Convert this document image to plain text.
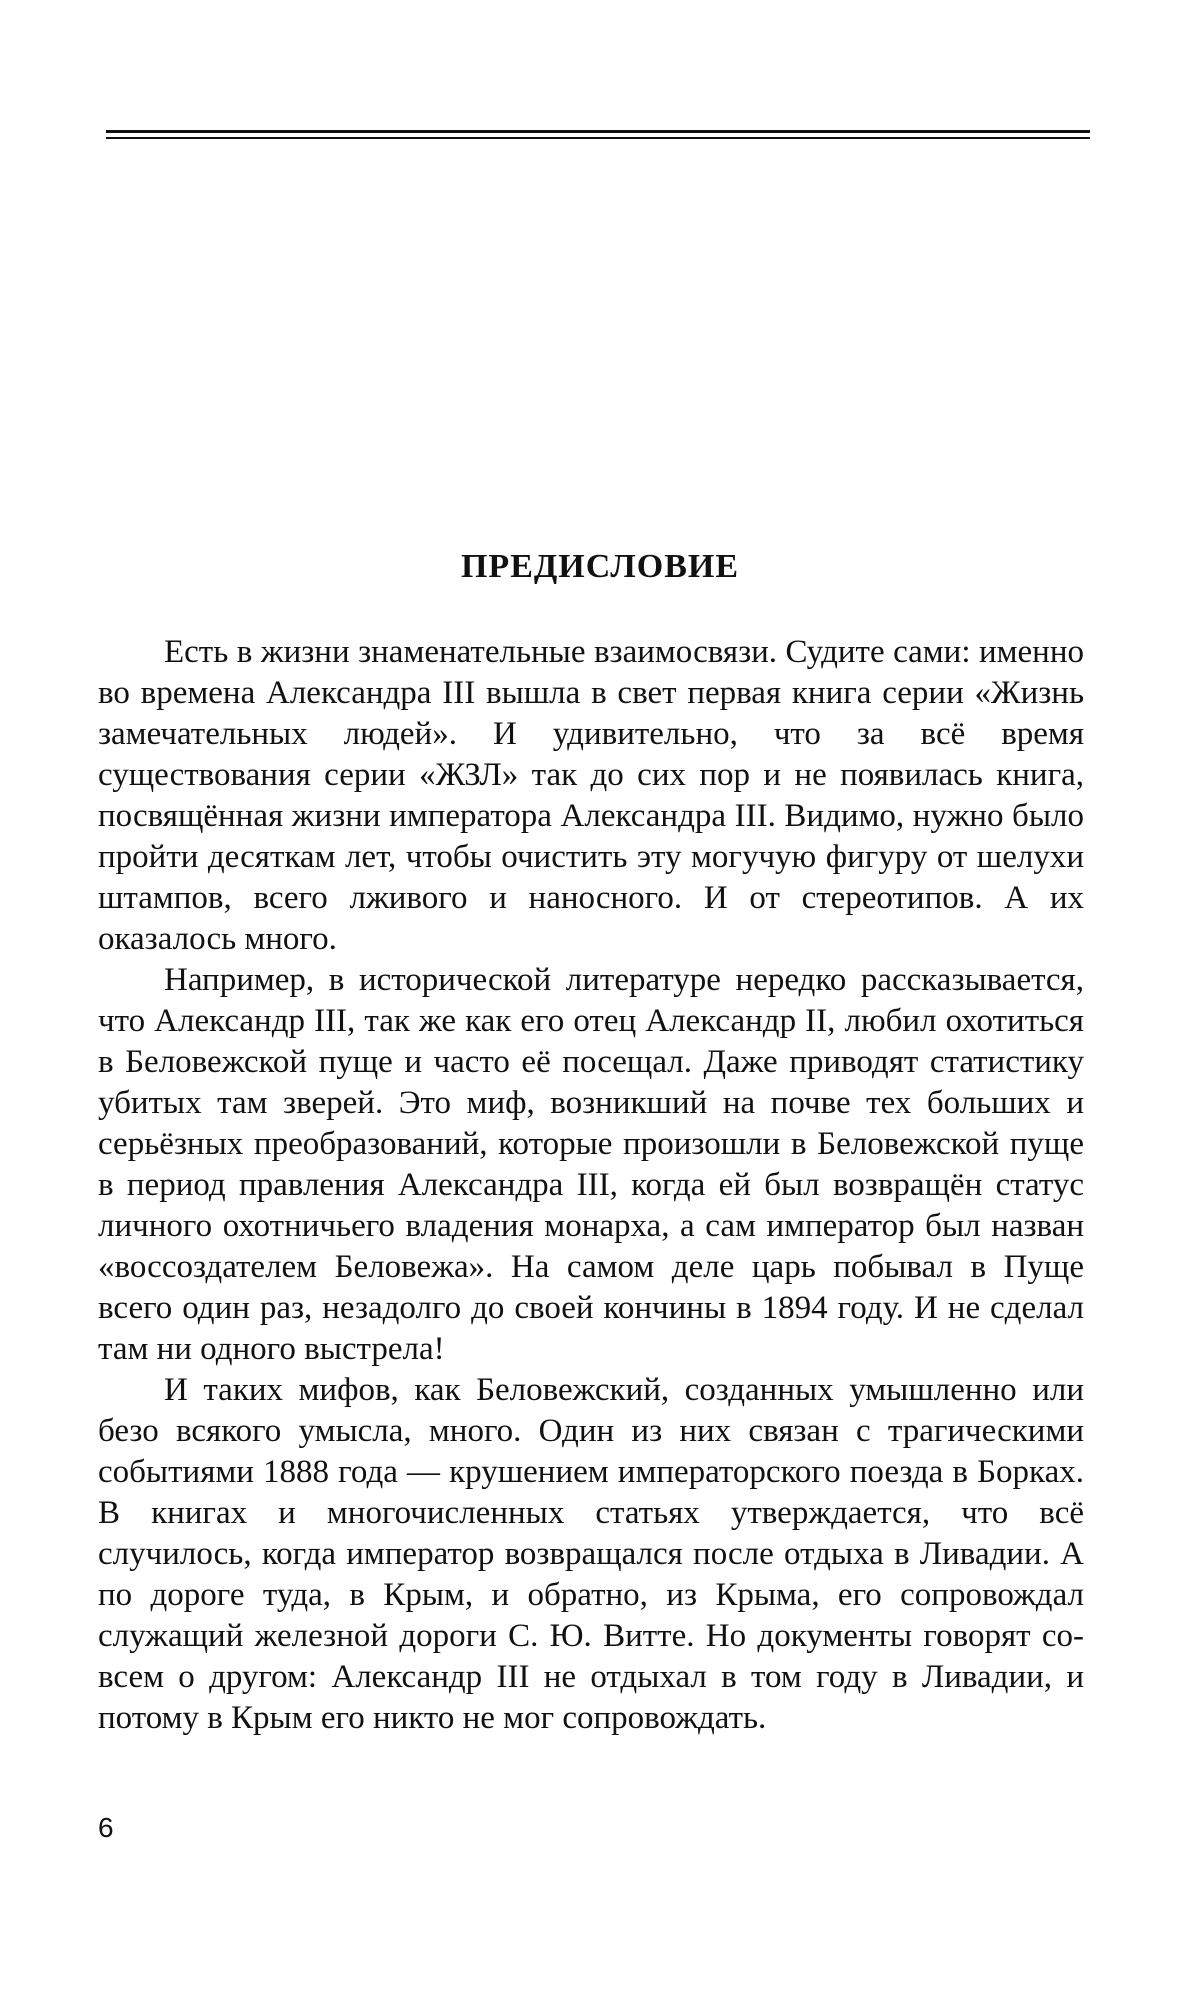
ПРЕДИСЛОВИЕ

Есть в жизни знаменательные взаимосвязи. Судите сами: именно во времена Александра III вышла в свет первая книга серии «Жизнь замечательных людей». И удивительно, что за всё время существования серии «ЖЗЛ» так до сих пор и не появилась книга, посвящённая жизни императора Александра III. Видимо, нужно было пройти десяткам лет, чтобы очистить эту могучую фигуру от шелухи штампов, всего лживого и наносного. И от стереотипов. А их оказалось много.

Например, в исторической литературе нередко рассказывается, что Александр III, так же как его отец Александр II, любил охотиться в Беловежской пуще и часто её посещал. Даже приводят статистику убитых там зверей. Это миф, возникший на почве тех больших и серьёзных преобразований, которые произошли в Беловежской пуще в период правления Александра III, когда ей был возвращён статус личного охотничьего владения монарха, а сам император был назван «воссоздателем Беловежа». На самом деле царь побывал в Пуще всего один раз, незадолго до своей кончины в 1894 году. И не сделал там ни одного выстрела!

И таких мифов, как Беловежский, созданных умышленно или безо всякого умысла, много. Один из них связан с трагическими событиями 1888 года — крушением императорского поезда в Борках. В книгах и многочисленных статьях утверждается, что всё случилось, когда император возвращался после отдыха в Ливадии. А по дороге туда, в Крым, и обратно, из Крыма, его сопровождал служащий железной дороги С. Ю. Витте. Но документы говорят совсем о другом: Александр III не отдыхал в том году в Ливадии, и потому в Крым его никто не мог сопровождать.

6
